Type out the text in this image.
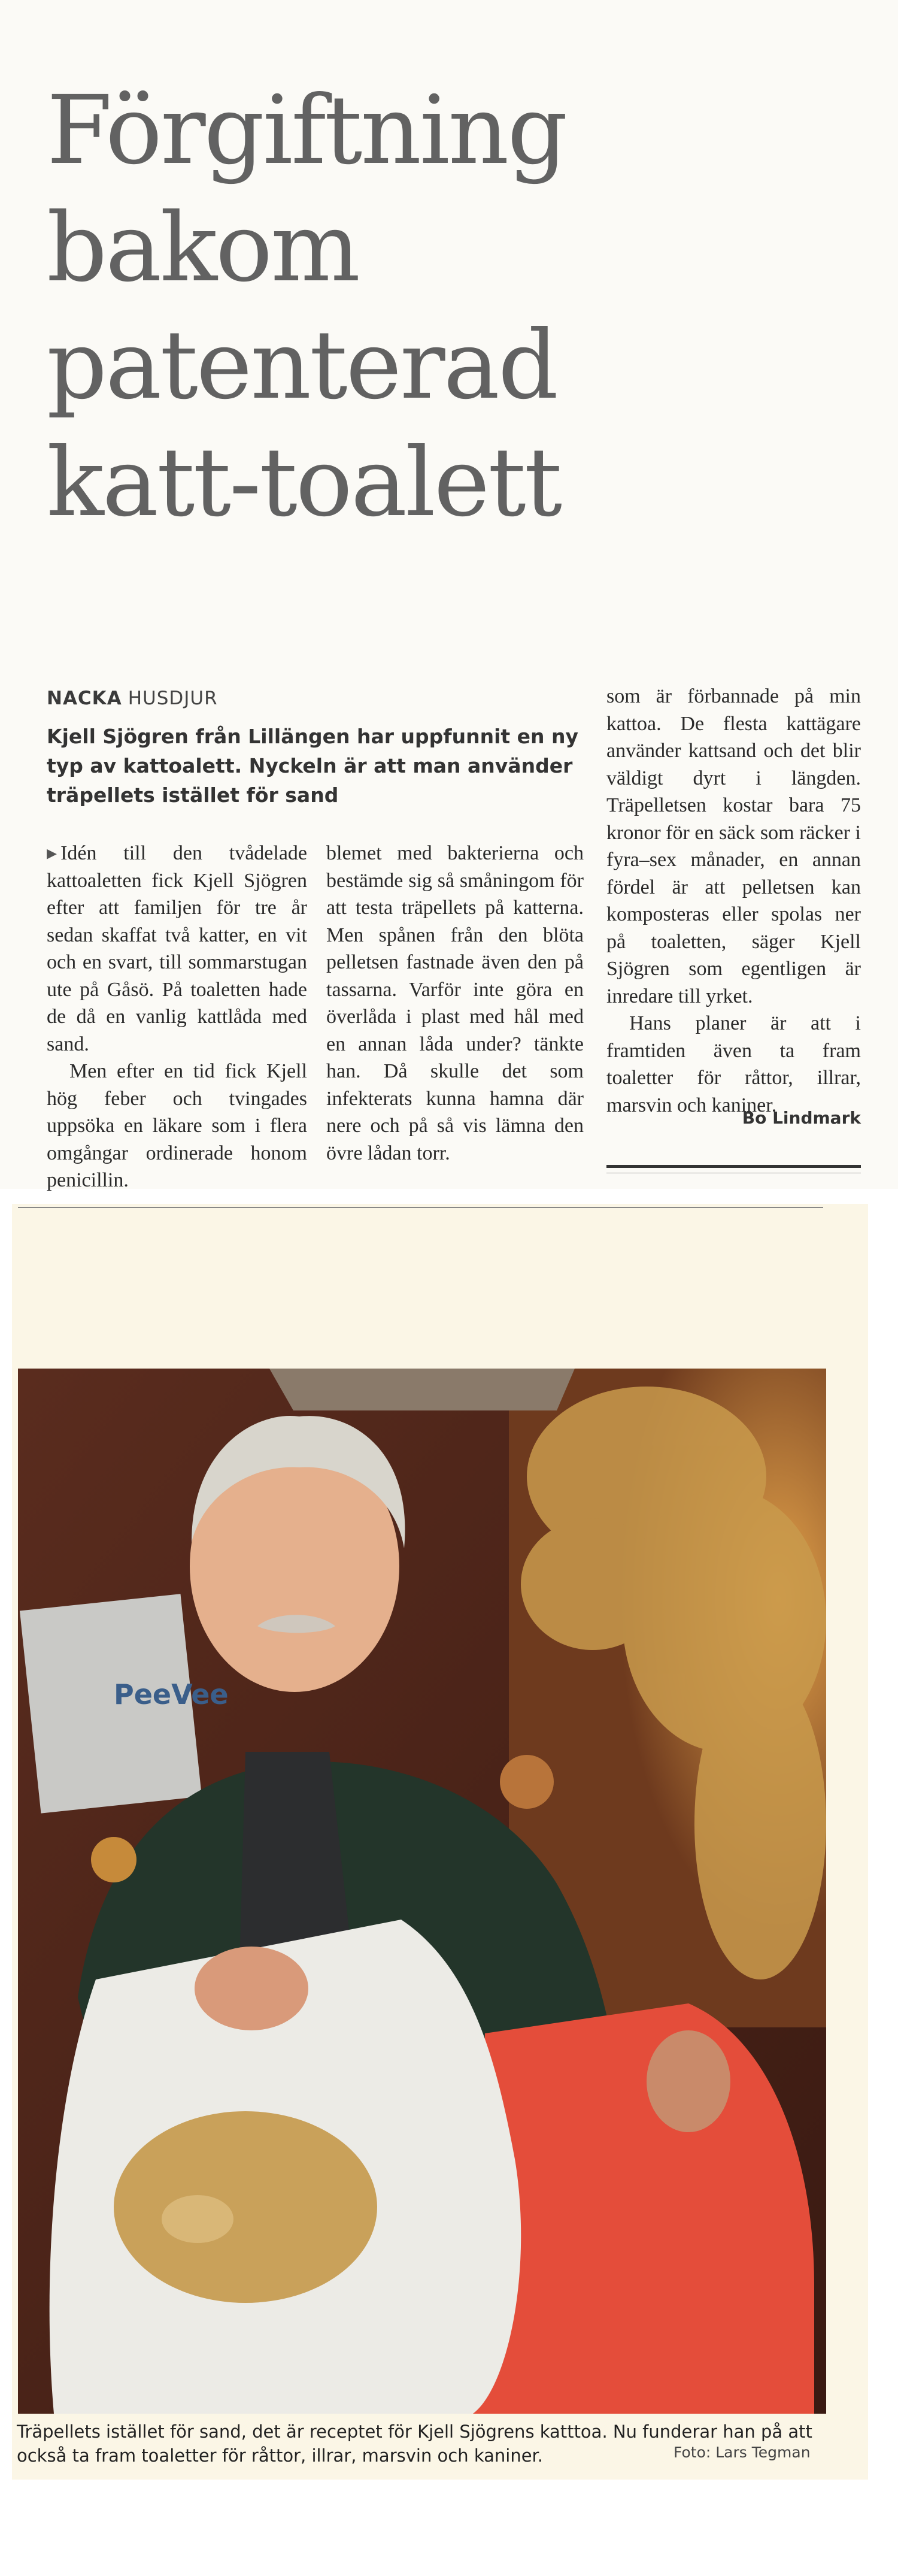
Förgiftning
bakom
patenterad
katt-toalett
NACKA HUSDJUR

Kjell Sjögren från Lillängen har uppfunnit en ny typ av kattoalett. Nyckeln är att man använder träpellets istället för sand

▸ Idén till den tvådelade kattoaletten fick Kjell Sjögren efter att familjen för tre år sedan skaffat två katter, en vit och en svart, till sommarstugan ute på Gåsö. På toaletten hade de då en vanlig kattlåda med sand.

Men efter en tid fick Kjell hög feber och tvingades uppsöka en läkare som i flera omgångar ordinerade honom penicillin.

blemet med bakterierna och bestämde sig så småningom för att testa träpellets på katterna. Men spånen från den blöta pelletsen fastnade även den på tassarna. Varför inte göra en överlåda i plast med hål med en annan låda under? tänkte han. Då skulle det som infekterats kunna hamna där nere och på så vis lämna den övre lådan torr.

som är förbannade på min kattoa. De flesta kattägare använder kattsand och det blir väldigt dyrt i längden. Träpelletsen kostar bara 75 kronor för en säck som räcker i fyra–sex månader, en annan fördel är att pelletsen kan komposteras eller spolas ner på toaletten, säger Kjell Sjögren som egentligen är inredare till yrket.

Hans planer är att i framtiden även ta fram toaletter för råttor, illrar, marsvin och kaniner.

Bo Lindmark
PeeVee

Träpellets istället för sand, det är receptet för Kjell Sjögrens katttoa. Nu funderar han på att också ta fram toaletter för råttor, illrar, marsvin och kaniner.	Foto: Lars Tegman
